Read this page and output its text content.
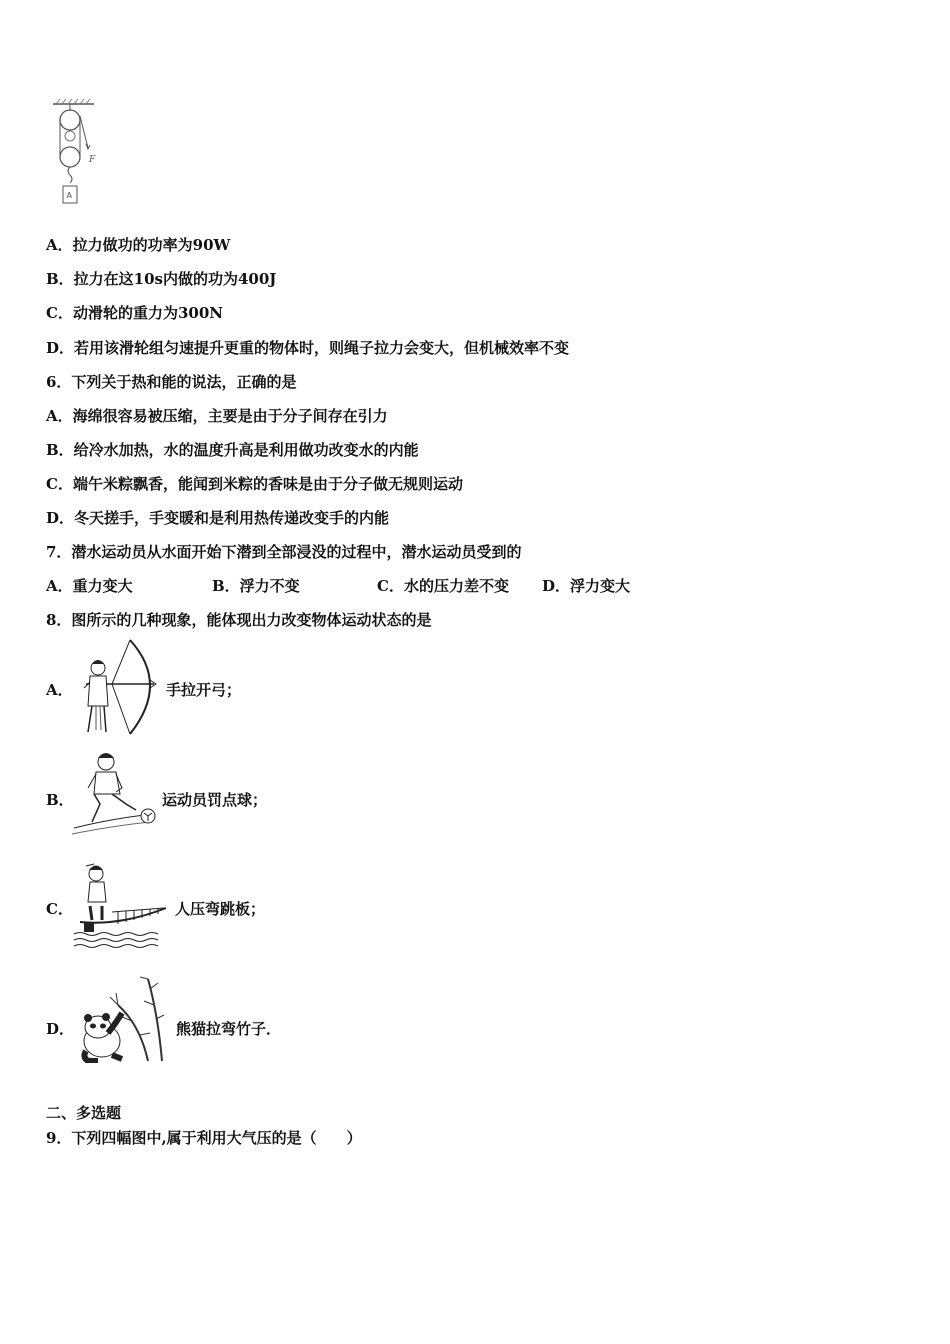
F
A
A．拉力做功的功率为90W
B．拉力在这10s内做的功为400J
C．动滑轮的重力为300N
D．若用该滑轮组匀速提升更重的物体时，则绳子拉力会变大，但机械效率不变
6．下列关于热和能的说法，正确的是
A．海绵很容易被压缩，主要是由于分子间存在引力
B．给冷水加热，水的温度升高是利用做功改变水的内能
C．端午米粽飘香，能闻到米粽的香味是由于分子做无规则运动
D．冬天搓手，手变暖和是利用热传递改变手的内能
7．潜水运动员从水面开始下潜到全部浸没的过程中，潜水运动员受到的
A．重力变大	B．浮力不变	C．水的压力差不变 D．浮力变大
8．图所示的几种现象，能体现出力改变物体运动状态的是
A．	手拉开弓；
B．	运动员罚点球；
C．	人压弯跳板；
D．	熊猫拉弯竹子．
二、多选题
9．下列四幅图中,属于利用大气压的是（　　）
